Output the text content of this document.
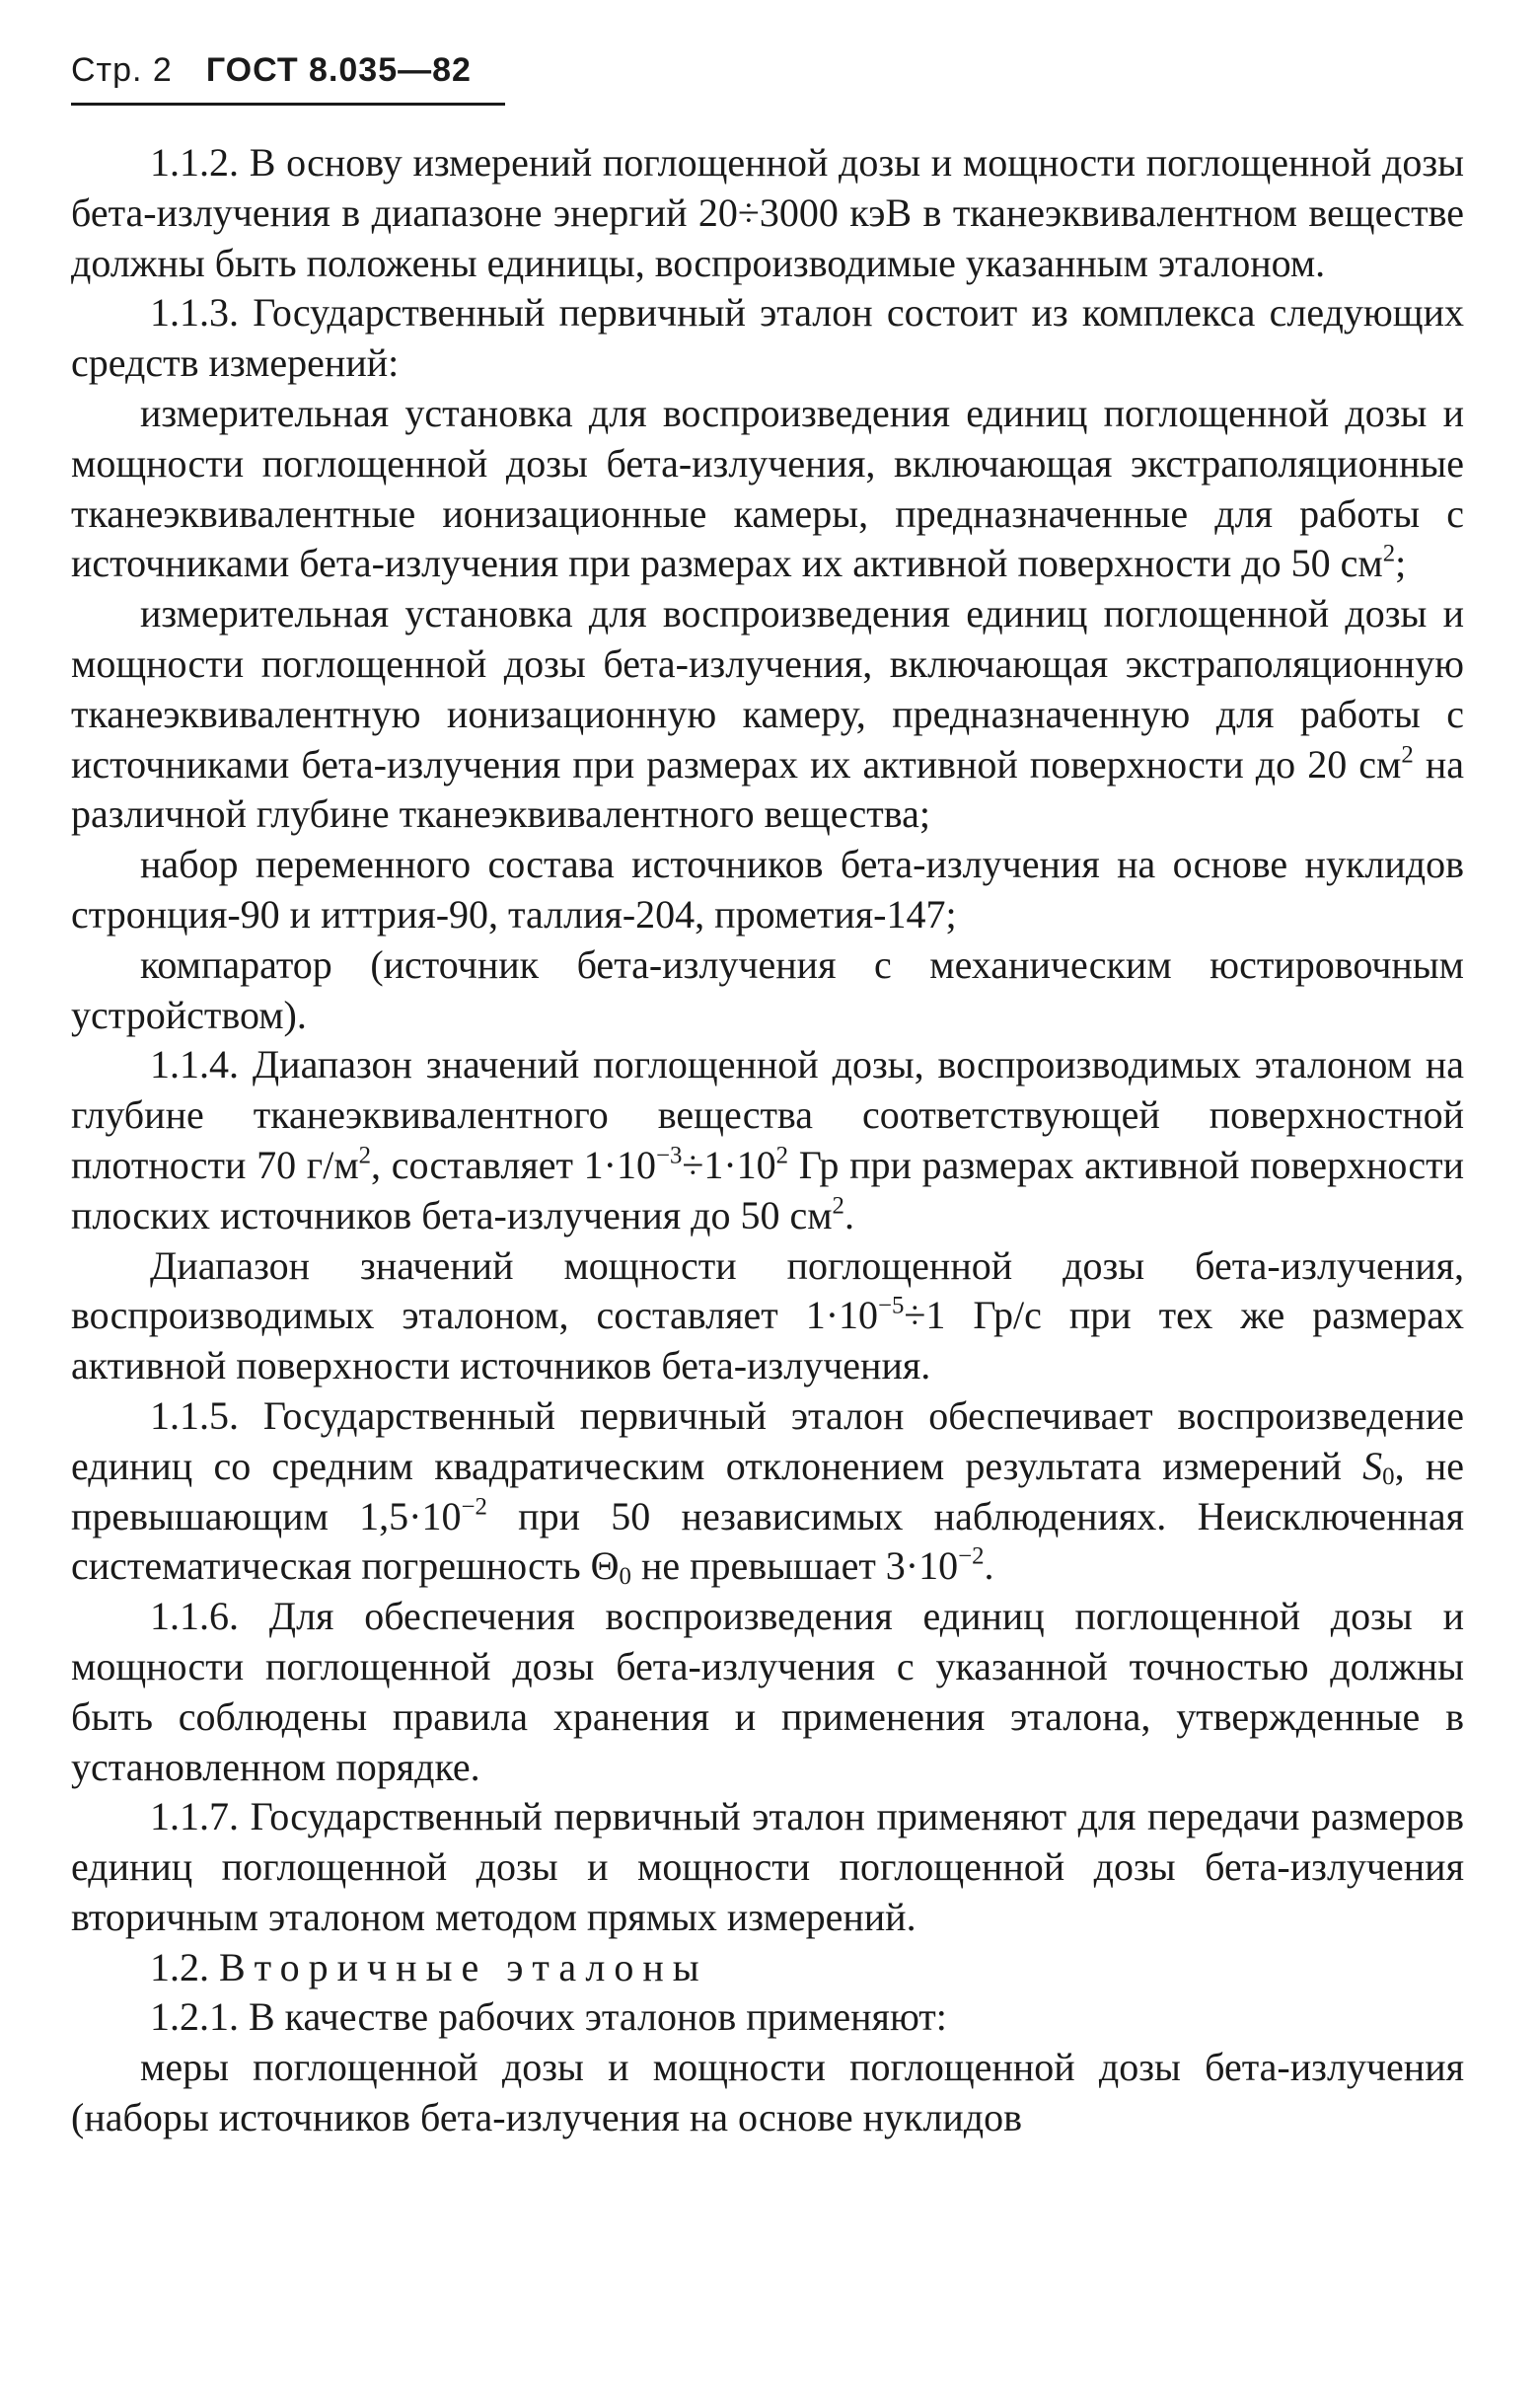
Стр. 2 ГОСТ 8.035—82

1.1.2. В основу измерений поглощенной дозы и мощности поглощенной дозы бета-излучения в диапазоне энергий 20÷3000 кэВ в тканеэквивалентном веществе должны быть положены единицы, воспроизводимые указанным эталоном.

1.1.3. Государственный первичный эталон состоит из комплекса следующих средств измерений:

измерительная установка для воспроизведения единиц поглощенной дозы и мощности поглощенной дозы бета-излучения, включающая экстраполяционные тканеэквивалентные ионизационные камеры, предназначенные для работы с источниками бета-излучения при размерах их активной поверхности до 50 $см^2$;

измерительная установка для воспроизведения единиц поглощенной дозы и мощности поглощенной дозы бета-излучения, включающая экстраполяционную тканеэквивалентную ионизационную камеру, предназначенную для работы с источниками бета-излучения при размерах их активной поверхности до 20 $см^2$ на различной глубине тканеэквивалентного вещества;

набор переменного состава источников бета-излучения на основе нуклидов стронция-90 и иттрия-90, таллия-204, прометия-147;

компаратор (источник бета-излучения с механическим юстировочным устройством).

1.1.4. Диапазон значений поглощенной дозы, воспроизводимых эталоном на глубине тканеэквивалентного вещества соответствующей поверхностной плотности 70 $г/м^2$, составляет $1\cdot 10^{-3}\div 1\cdot 10^2$ Гр при размерах активной поверхности плоских источников бета-излучения до 50 $см^2$.

Диапазон значений мощности поглощенной дозы бета-излучения, воспроизводимых эталоном, составляет $1\cdot 10^{-5}\div 1$ Гр/с при тех же размерах активной поверхности источников бета-излучения.

1.1.5. Государственный первичный эталон обеспечивает воспроизведение единиц со средним квадратическим отклонением результата измерений $S_0$, не превышающим $1,5\cdot 10^{-2}$ при 50 независимых наблюдениях. Неисключенная систематическая погрешность $\Theta_0$ не превышает $3\cdot 10^{-2}$.

1.1.6. Для обеспечения воспроизведения единиц поглощенной дозы и мощности поглощенной дозы бета-излучения с указанной точностью должны быть соблюдены правила хранения и применения эталона, утвержденные в установленном порядке.

1.1.7. Государственный первичный эталон применяют для передачи размеров единиц поглощенной дозы и мощности поглощенной дозы бета-излучения вторичным эталоном методом прямых измерений.

1.2. Вторичные эталоны

1.2.1. В качестве рабочих эталонов применяют:

меры поглощенной дозы и мощности поглощенной дозы бета-излучения (наборы источников бета-излучения на основе нуклидов
